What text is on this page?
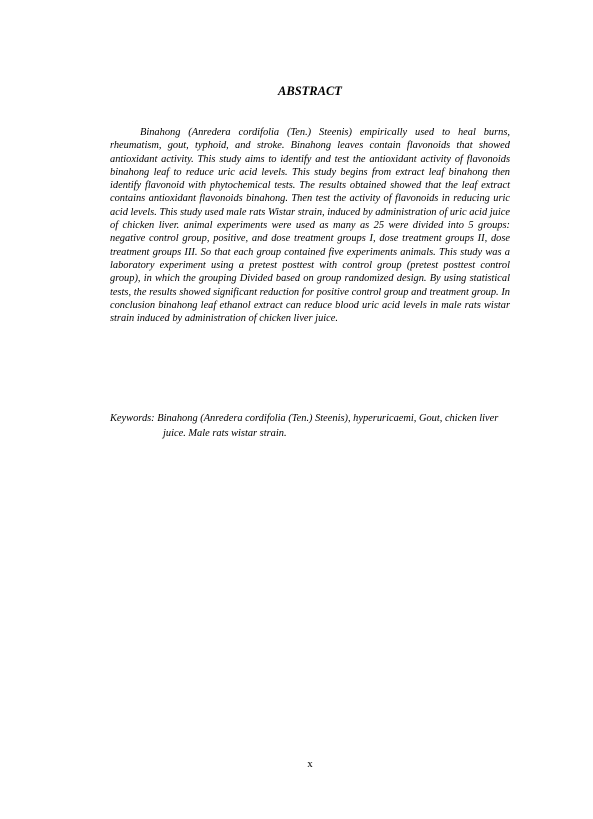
ABSTRACT

Binahong (Anredera cordifolia (Ten.) Steenis) empirically used to heal burns, rheumatism, gout, typhoid, and stroke. Binahong leaves contain flavonoids that showed antioxidant activity. This study aims to identify and test the antioxidant activity of flavonoids binahong leaf to reduce uric acid levels. This study begins from extract leaf binahong then identify flavonoid with phytochemical tests. The results obtained showed that the leaf extract contains antioxidant flavonoids binahong. Then test the activity of flavonoids in reducing uric acid levels. This study used male rats Wistar strain, induced by administration of uric acid juice of chicken liver. animal experiments were used as many as 25 were divided into 5 groups: negative control group, positive, and dose treatment groups I, dose treatment groups II, dose treatment groups III. So that each group contained five experiments animals. This study was a laboratory experiment using a pretest posttest with control group (pretest posttest control group), in which the grouping Divided based on group randomized design. By using statistical tests, the results showed significant reduction for positive control group and treatment group. In conclusion binahong leaf ethanol extract can reduce blood uric acid levels in male rats wistar strain induced by administration of chicken liver juice.

Keywords: Binahong (Anredera cordifolia (Ten.) Steenis), hyperuricaemi, Gout, chicken liver juice. Male rats wistar strain.

x
